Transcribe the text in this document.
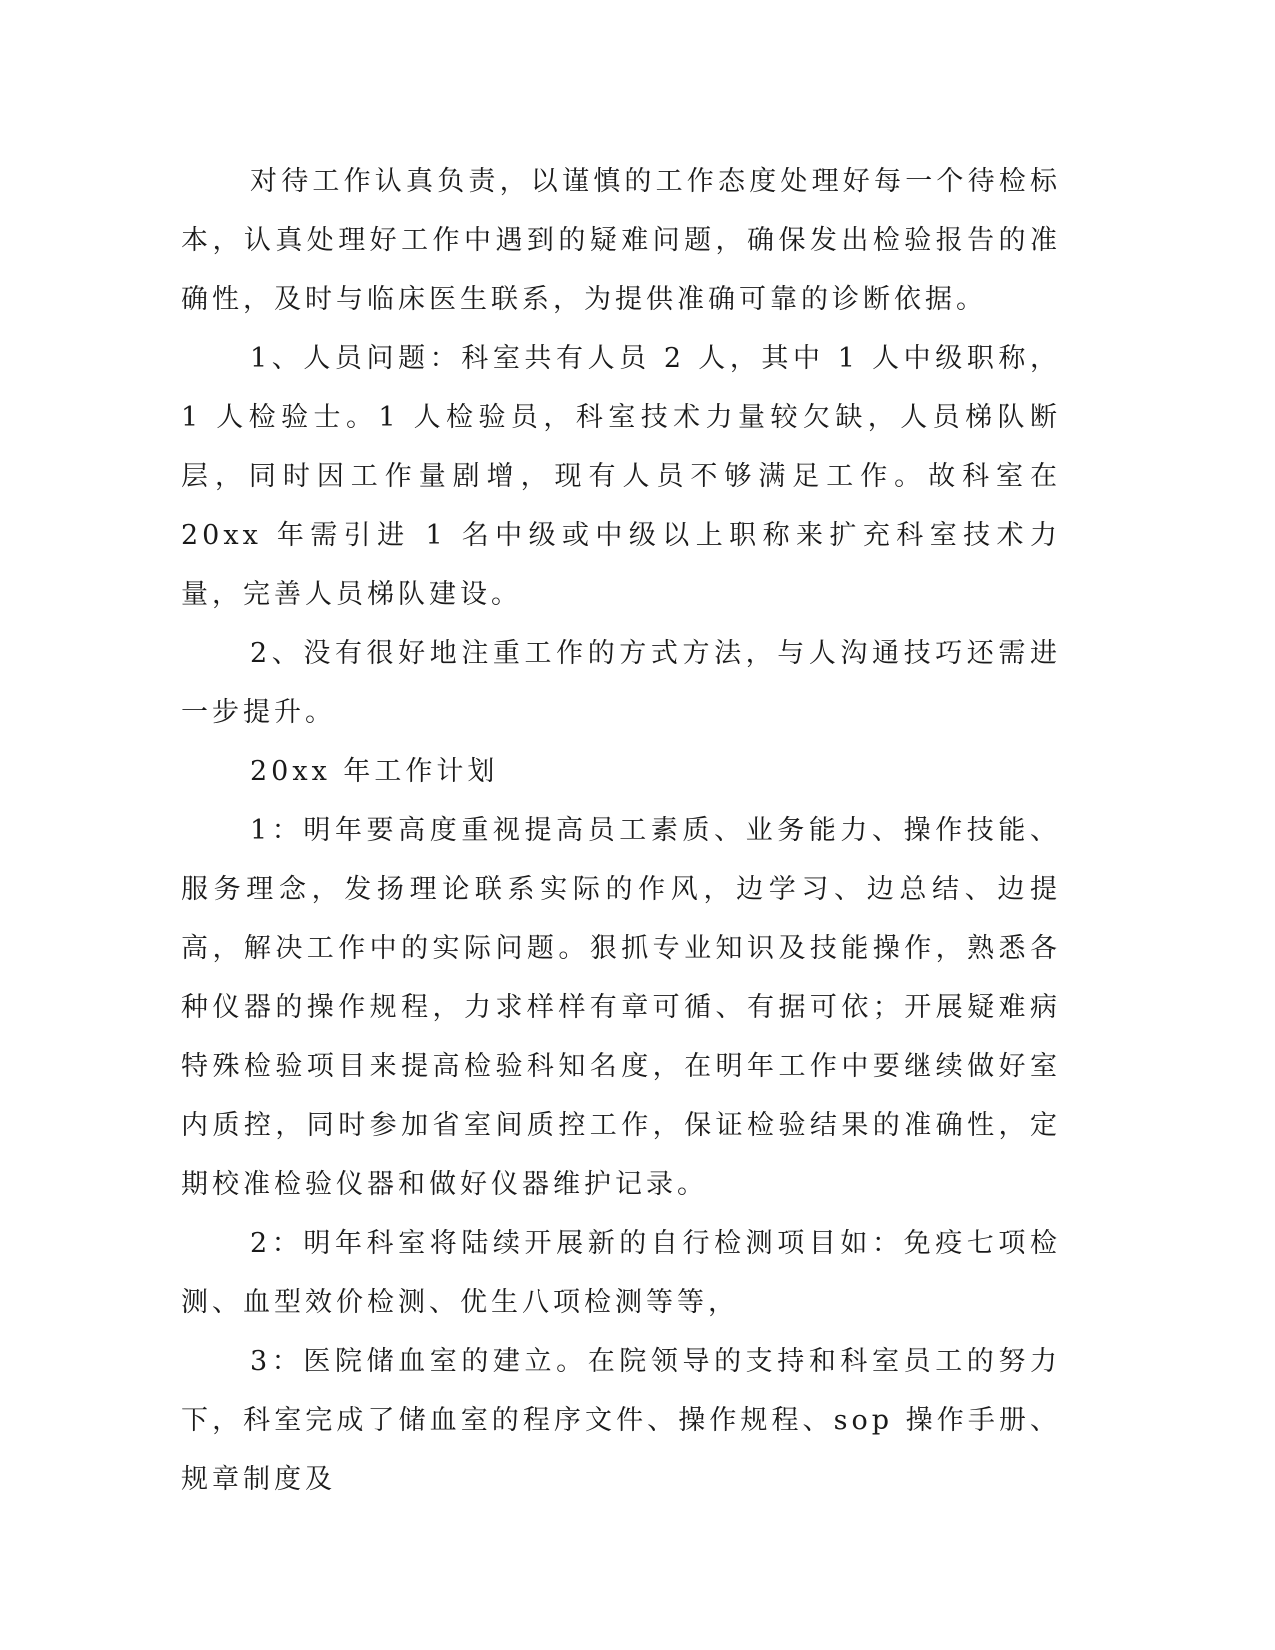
对待工作认真负责，以谨慎的工作态度处理好每一个待检标本，认真处理好工作中遇到的疑难问题，确保发出检验报告的准确性，及时与临床医生联系，为提供准确可靠的诊断依据。

1、人员问题：科室共有人员 2 人，其中 1 人中级职称，1 人检验士。1 人检验员，科室技术力量较欠缺，人员梯队断层，同时因工作量剧增，现有人员不够满足工作。故科室在 20xx 年需引进 1 名中级或中级以上职称来扩充科室技术力量，完善人员梯队建设。

2、没有很好地注重工作的方式方法，与人沟通技巧还需进一步提升。

20xx 年工作计划

1：明年要高度重视提高员工素质、业务能力、操作技能、服务理念，发扬理论联系实际的作风，边学习、边总结、边提高，解决工作中的实际问题。狠抓专业知识及技能操作，熟悉各种仪器的操作规程，力求样样有章可循、有据可依；开展疑难病特殊检验项目来提高检验科知名度，在明年工作中要继续做好室内质控，同时参加省室间质控工作，保证检验结果的准确性，定期校准检验仪器和做好仪器维护记录。

2：明年科室将陆续开展新的自行检测项目如：免疫七项检测、血型效价检测、优生八项检测等等，

3：医院储血室的建立。在院领导的支持和科室员工的努力下，科室完成了储血室的程序文件、操作规程、sop 操作手册、规章制度及
